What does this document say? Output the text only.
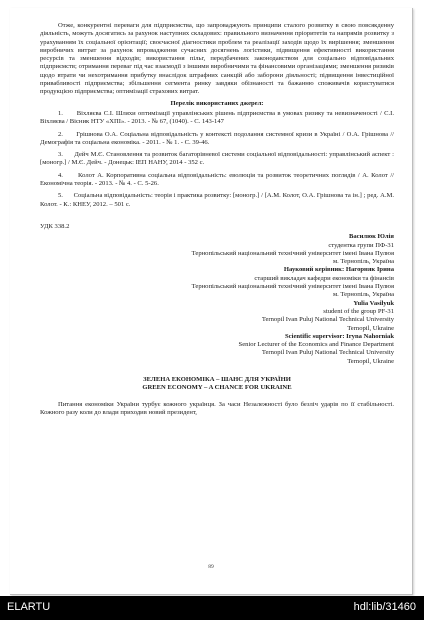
Отже, конкурентні переваги для підприємства, що запроваджують принципи сталого розвитку в свою повсякденну діяльність, можуть досягатись за рахунок наступних складових: правильного визначення пріоритетів та напрямів розвитку з урахуванням їх соціальної орієнтації; своєчасної діагностики проблем та реалізації заходів щодо їх вирішення; зменшення виробничих витрат за рахунок впровадження сучасних досягнень логістики, підвищення ефективності використання ресурсів та зменшення відходів; використання пільг, передбачених законодавством для соціально відповідальних підприємств; отримання переваг під час взаємодії з іншими виробничими та фінансовими організаціями; зменшення ризиків щодо втрати чи нехотримання прибутку внаслідок штрафних санкцій або заборони діяльності; підвищення інвестиційної привабливості підприємства; збільшення сегмента ринку завдяки обізнаності та бажанню споживачів користуватися продукцією підприємства; оптимізації страхових витрат.

Перелік використаних джерел:

1.      Віхляєва С.І. Шляхи оптимізації управлінських рішень підприємства в умовах ризику та невизначеності / С.І. Віхляєва / Вісник НТУ «ХПІ». - 2013. - № 67, (1040). - С. 143-147

2.      Грішнова О.А. Соціальна відповідальність у контексті подолання системної кризи в Україні / О.А. Грішнова // Демографія та соціальна економіка. - 2011. - № 1. - С. 39-46.

3.      Дейч М.Є. Становлення та розвиток багаторівневої системи соціальної відповідальності: управлінський аспект : [моногр.] / М.Є. Дейч. - Донецьк: ІЕП НАНУ, 2014 - 352 с.

4.      Колот А. Корпоративна соціальна відповідальність: еволюція та розвиток теоретичних поглядів / А. Колот // Економічна теорія. - 2013. - № 4. - С. 5-26.

5.      Соціальна відповідальність: теорія і практика розвитку: [моногр.] / [А.М. Колот, О.А. Грішнова та ін.] ; ред. А.М. Колот. - К.: КНЕУ, 2012. – 501 с.

УДК 338.2

Василюк Юлія
студентка групи ПФ-31
Тернопільський національний технічний університет імені Івана Пулюя
м. Тернопіль, Україна
Науковий керівник: Нагорняк Ірина
старший викладач кафедри економіки та фінансів
Тернопільський національний технічний університет імені Івана Пулюя
м. Тернопіль, Україна
Yulia Vasilyuk
student of the group PF-31
Ternopil Ivan Puluj National Technical University
Ternopil, Ukraine
Scientific supervisor: Iryna Nahorniak
Senior Lecturer of the Economics and Finance Department
Ternopil Ivan Puluj National Technical University
Ternopil, Ukraine
ЗЕЛЕНА ЕКОНОМІКА – ШАНС ДЛЯ УКРАЇНИ
GREEN ECONOMY – A CHANCE FOR UKRAINE

Питання економіки України турбує кожного українця. За часи Незалежності було безліч ударів по її стабільності. Кожного разу коли до влади приходив новий президент,

89
ELARTU	hdl:lib/31460
